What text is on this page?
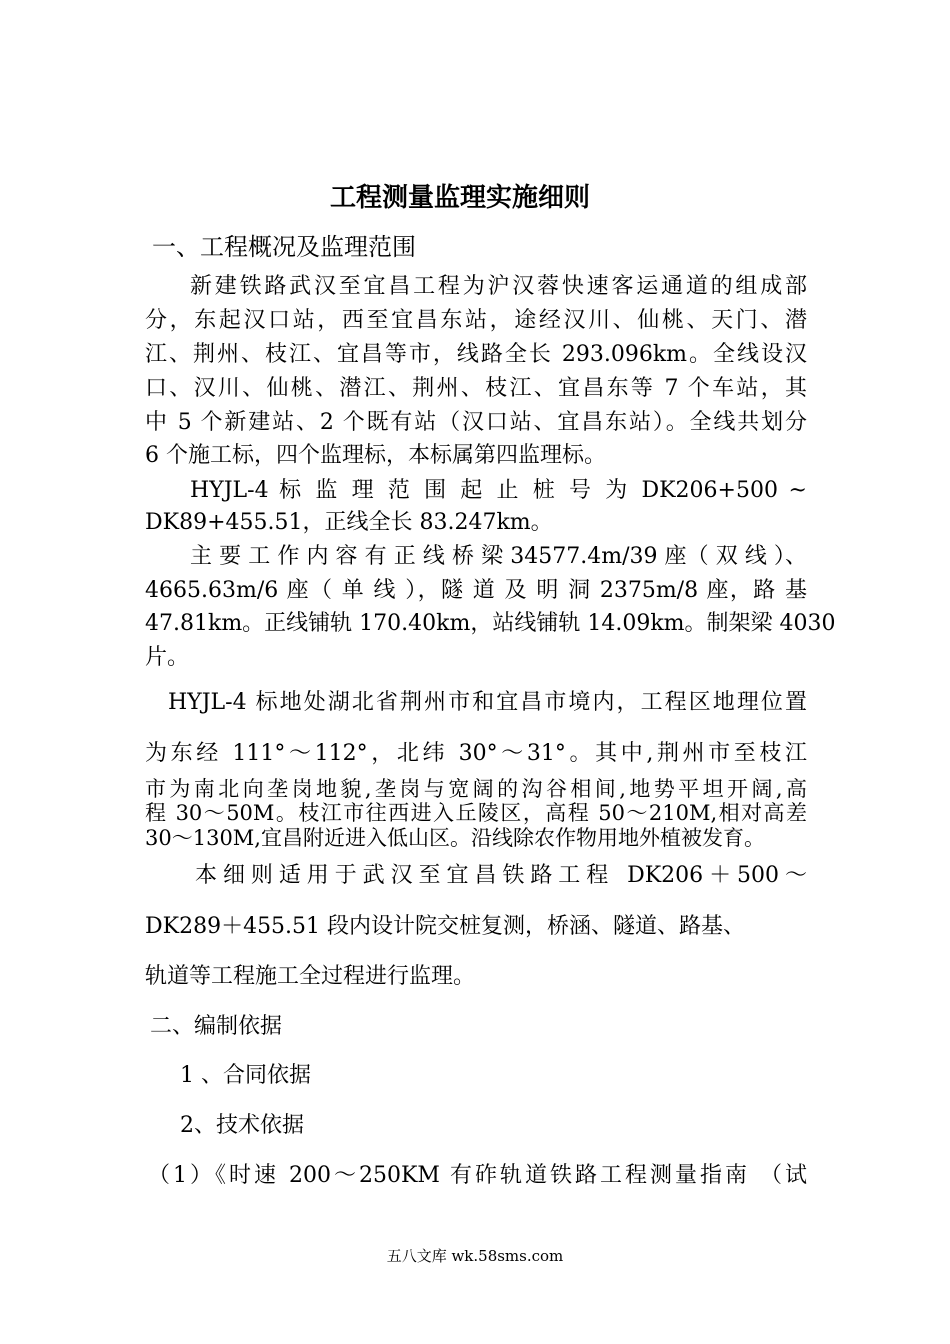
工程测量监理实施细则
一、工程概况及监理范围
新建铁路武汉至宜昌工程为沪汉蓉快速客运通道的组成部
分，东起汉口站，西至宜昌东站，途经汉川、仙桃、天门、潜
江、荆州、枝江、宜昌等市，线路全长 293.096km。全线设汉
口、汉川、仙桃、潜江、荆州、枝江、宜昌东等 7 个车站，其
中 5 个新建站、2 个既有站（汉口站、宜昌东站）。全线共划分
6 个施工标，四个监理标，本标属第四监理标。
HYJL-4 标 监 理 范 围 起 止 桩 号 为 DK206+500 ~
DK89+455.51，正线全长 83.247km。
主 要 工 作 内 容 有 正 线 桥 梁 34577.4m/39 座（ 双 线 ）、
4665.63m/6 座（ 单 线 ），隧 道 及 明 洞 2375m/8 座，路 基
47.81km。正线铺轨 170.40km，站线铺轨 14.09km。制架梁 4030
片。
HYJL-4 标地处湖北省荆州市和宜昌市境内，工程区地理位置
为东经 111°～112°，北纬 30°～31°。其中,荆州市至枝江
市为南北向垄岗地貌,垄岗与宽阔的沟谷相间,地势平坦开阔,高
程 30～50M。枝江市往西进入丘陵区，高程 50～210M,相对高差
30～130M,宜昌附近进入低山区。沿线除农作物用地外植被发育。
本细则适用于武汉至宜昌铁路工程 DK206＋500～
DK289＋455.51 段内设计院交桩复测，桥涵、隧道、路基、
轨道等工程施工全过程进行监理。
二、编制依据
1 、合同依据
2、技术依据
（1）《时速 200～250KM 有砟轨道铁路工程测量指南 （试
五八文库 wk.58sms.com
